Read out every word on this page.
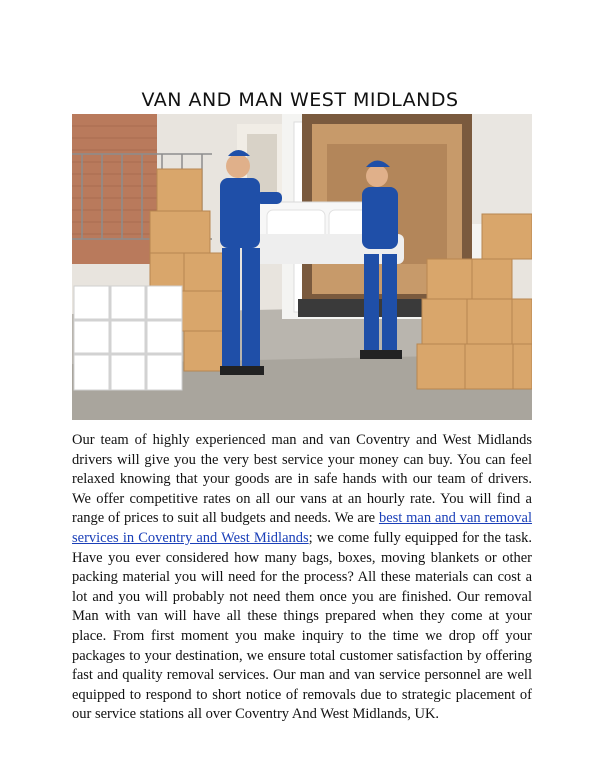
VAN AND MAN WEST MIDLANDS

Our team of highly experienced man and van Coventry and West Midlands drivers will give you the very best service your money can buy. You can feel relaxed knowing that your goods are in safe hands with our team of drivers. We offer competitive rates on all our vans at an hourly rate. You will find a range of prices to suit all budgets and needs. We are best man and van removal services in Coventry and West Midlands; we come fully equipped for the task. Have you ever considered how many bags, boxes, moving blankets or other packing material you will need for the process? All these materials can cost a lot and you will probably not need them once you are finished. Our removal Man with van will have all these things prepared when they come at your place. From first moment you make inquiry to the time we drop off your packages to your destination, we ensure total customer satisfaction by offering fast and quality removal services. Our man and van service personnel are well equipped to respond to short notice of removals due to strategic placement of our service stations all over Coventry And West Midlands, UK.
